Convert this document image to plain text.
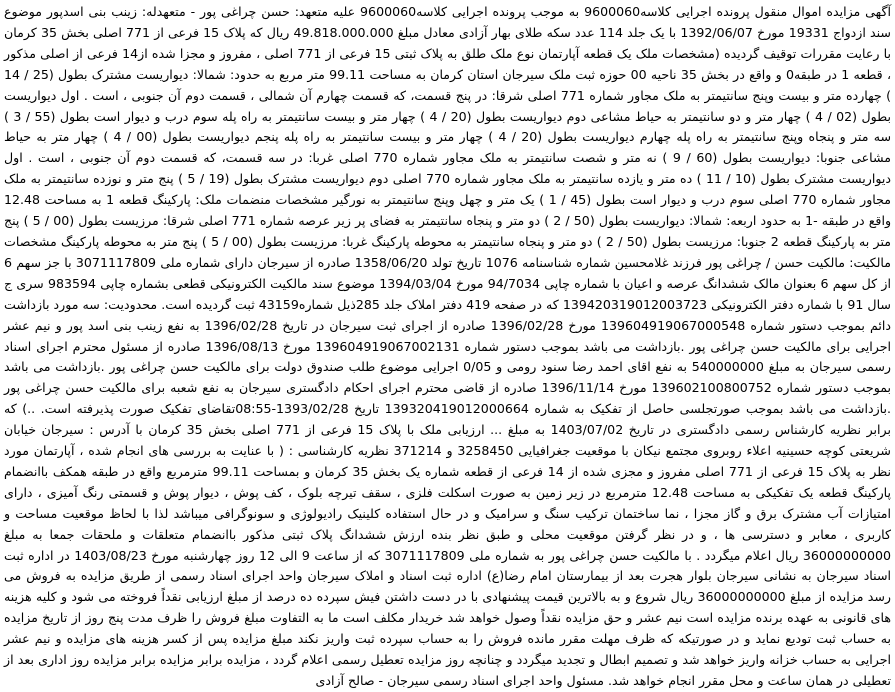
آگهی مزایده اموال منقول پرونده اجرایی کلاسه9600060 به موجب پرونده اجرایی کلاسه9600060 علیه متعهد: حسن چراغی پور - متعهدله: زینب بنی اسدپور موضوع سند ازدواج 19331 مورخ 1392/06/07 با یک جلد 114 عدد سکه طلای بهار آزادی معادل مبلغ 49.818.000.000 ریال که پلاک 15 فرعی از 771 اصلی بخش 35 کرمان با رعایت مقررات توقیف گردیده (مشخصات ملک یک قطعه آپارتمان نوع ملک طلق به پلاک ثبتی 15 فرعی از 771 اصلی ، مفروز و مجزا شده از14 فرعی از اصلی مذکور ، قطعه 1 در طبقه0 و واقع در بخش 35 ناحیه 00 حوزه ثبت ملک سیرجان استان کرمان به مساحت 99.11 متر مربع به حدود: شمالا: دیواریست مشترک بطول (25 / 14 ) چهارده متر و بیست وپنج سانتیمتر به ملک مجاور شماره 771 اصلی شرقا: در پنج قسمت، که قسمت چهارم آن شمالی ، قسمت دوم آن جنوبی ، است . اول دیواریست بطول (02 / 4 ) چهار متر و دو سانتیمتر به حیاط مشاعی دوم دیواریست بطول (20 / 4 ) چهار متر و بیست سانتیمتر به راه پله سوم درب و دیوار است بطول (55 / 3 ) سه متر و پنجاه وپنج سانتیمتر به راه پله چهارم دیواریست بطول (20 / 4 ) چهار متر و بیست سانتیمتر به راه پله پنجم دیواریست بطول (00 / 4 ) چهار متر به حیاط مشاعی جنوبا: دیواریست بطول (60 / 9 ) نه متر و شصت سانتیمتر به ملک مجاور شماره 770 اصلی غربا: در سه قسمت، که قسمت دوم آن جنوبی ، است . اول دیواریست مشترک بطول (10 / 11 ) ده متر و یازده سانتیمتر به ملک مجاور شماره 770 اصلی دوم دیواریست مشترک بطول (19 / 5 ) پنج متر و نوزده سانتیمتر به ملک مجاور شماره 770 اصلی سوم درب و دیوار است بطول (45 / 1 ) یک متر و چهل وپنج سانتیمتر به نورگیر مشخصات منضمات ملک: پارکینگ قطعه 1 به مساحت 12.48 واقع در طبقه -1 به حدود اربعه: شمالا: دیواریست بطول (50 / 2 ) دو متر و پنجاه سانتیمتر به فضای پر زیر عرصه شماره 771 اصلی شرقا: مرزیست بطول (00 / 5 ) پنج متر به پارکینگ قطعه 2 جنوبا: مرزیست بطول (50 / 2 ) دو متر و پنجاه سانتیمتر به محوطه پارکینگ غربا: مرزیست بطول (00 / 5 ) پنج متر به محوطه پارکینگ مشخصات مالکیت: مالکیت حسن / چراغی پور فرزند غلامحسین شماره شناسنامه 1076 تاریخ تولد 1358/06/20 صادره از سیرجان دارای شماره ملی 3071117809 با جز سهم 6 از کل سهم 6 بعنوان مالک ششدانگ عرصه و اعیان با شماره چاپی 94/7034 مورخ 1394/03/04 موضوع سند مالکیت الکترونیکی قطعی بشماره چاپی 983594 سری ج سال 91 با شماره دفتر الکترونیکی 139420319012003723 که در صفحه 419 دفتر املاک جلد 285ذیل شماره43159 ثبت گردیده است. محدودیت: سه مورد بازداشت دائم بموجب دستور شماره 139604919067000548 مورخ 1396/02/28 صادره از اجرای ثبت سیرجان در تاریخ 1396/02/28 به نفع زینب بنی اسد پور و نیم عشر اجرایی برای مالکیت حسن چراغی پور .بازداشت می باشد بموجب دستور شماره 139604919067002131 مورخ 1396/08/13 صادره از مسئول محترم اجرای اسناد رسمی سیرجان به مبلغ 540000000 به نفع اقای احمد رضا سنود رومی و 0/05 اجرایی موضوع طلب صندوق دولت برای مالکیت حسن چراغی پور .بازداشت می باشد بموجب دستور شماره 139602100800752 مورخ 1396/11/14 صادره از قاضی محترم اجرای احکام دادگستری سیرجان به نفع شعبه برای مالکیت حسن چراغی پور .بازداشت می باشد بموجب صورتجلسی حاصل از تفکیک به شماره 139320419012000664 تاریخ 1393/02/28-08:55تقاضای تفکیک صورت پذیرفته است. ..) که برابر نظریه کارشناس رسمی دادگستری در تاریخ 1403/07/02 به مبلغ ... ارزیابی ملک با پلاک 15 فرعی از 771 اصلی بخش 35 کرمان با آدرس : سیرجان خیابان شریعتی کوچه حسینیه اعلاء روبروی مجتمع نیکان با موقعیت جغرافیایی 3258450 و 371214 نظریه کارشناسی : ( با عنایت به بررسی های انجام شده ، آپارتمان مورد نظر به پلاک 15 فرعی از 771 اصلی مفروز و مجزی شده از 14 فرعی از قطعه شماره یک بخش 35 کرمان و بمساحت 99.11 مترمربع واقع در طبقه همکف باانضمام پارکینگ قطعه یک تفکیکی به مساحت 12.48 مترمربع در زیر زمین به صورت اسکلت فلزی ، سقف تیرچه بلوک ، کف پوش ، دیوار پوش و قسمتی رنگ آمیزی ، دارای امتیازات آب مشترک برق و گاز مجزا ، نما ساختمان ترکیب سنگ و سرامیک و در حال استفاده کلینیک رادیولوژی و سونوگرافی میباشد لذا با لحاظ موقعیت مساحت و کاربری ، معابر و دسترسی ها ، و در نظر گرفتن موقعیت محلی و طبق نظر بنده ارزش ششدانگ پلاک ثبتی مذکور باانضمام متعلقات و ملحقات جمعا به مبلغ 36000000000 ریال اعلام میگردد . با مالکیت حسن چراغی پور به شماره ملی 3071117809 که از ساعت 9 الی 12 روز چهارشنبه مورخ 1403/08/23 در اداره ثبت اسناد سیرجان به نشانی سیرجان بلوار هجرت بعد از بیمارستان امام رضا(ع) اداره ثبت اسناد و املاک سیرجان واحد اجرای اسناد رسمی از طریق مزایده به فروش می رسد مزایده از مبلغ 36000000000 ریال شروع و به بالاترین قیمت پیشنهادی با در دست داشتن فیش سپرده ده درصد از مبلغ ارزیابی نقداً فروخته می شود و کلیه هزینه های قانونی به عهده برنده مزایده است نیم عشر و حق مزایده نقداً وصول خواهد شد خریدار مکلف است ما به التفاوت مبلغ فروش را ظرف مدت پنج روز از تاریخ مزایده به حساب ثبت تودیع نماید و در صورتیکه که ظرف مهلت مقرر مانده فروش را به حساب سپرده ثبت واریز نکند مبلغ مزایده پس از کسر هزینه های مزایده و نیم عشر اجرایی به حساب خزانه واریز خواهد شد و تصمیم ابطال و تجدید میگردد و چنانچه روز مزایده تعطیل رسمی اعلام گردد ، مزایده برابر مزایده برابر مزایده روز اداری بعد از تعطیلی در همان ساعت و محل مقرر انجام خواهد شد. مسئول واحد اجرای اسناد رسمی سیرجان - صالح آزادی
